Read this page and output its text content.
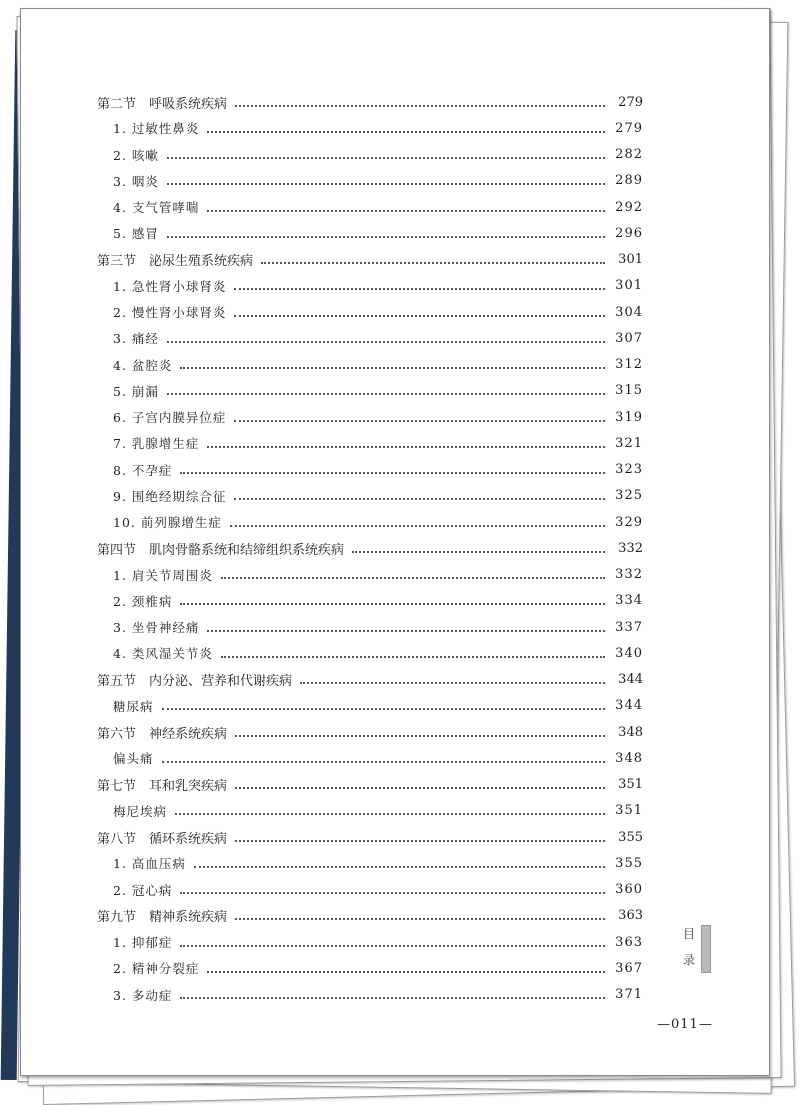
第二节　呼吸系统疾病	279
1. 过敏性鼻炎	279
2. 咳嗽	282
3. 咽炎	289
4. 支气管哮喘	292
5. 感冒	296
第三节　泌尿生殖系统疾病	301
1. 急性肾小球肾炎	301
2. 慢性肾小球肾炎	304
3. 痛经	307
4. 盆腔炎	312
5. 崩漏	315
6. 子宫内膜异位症	319
7. 乳腺增生症	321
8. 不孕症	323
9. 围绝经期综合征	325
10. 前列腺增生症	329
第四节　肌肉骨骼系统和结缔组织系统疾病	332
1. 肩关节周围炎	332
2. 颈椎病	334
3. 坐骨神经痛	337
4. 类风湿关节炎	340
第五节　内分泌、营养和代谢疾病	344
糖尿病	344
第六节　神经系统疾病	348
偏头痛	348
第七节　耳和乳突疾病	351
梅尼埃病	351
第八节　循环系统疾病	355
1. 高血压病	355
2. 冠心病	360
第九节　精神系统疾病	363
1. 抑郁症	363
2. 精神分裂症	367
3. 多动症	371
目
录
—011—
